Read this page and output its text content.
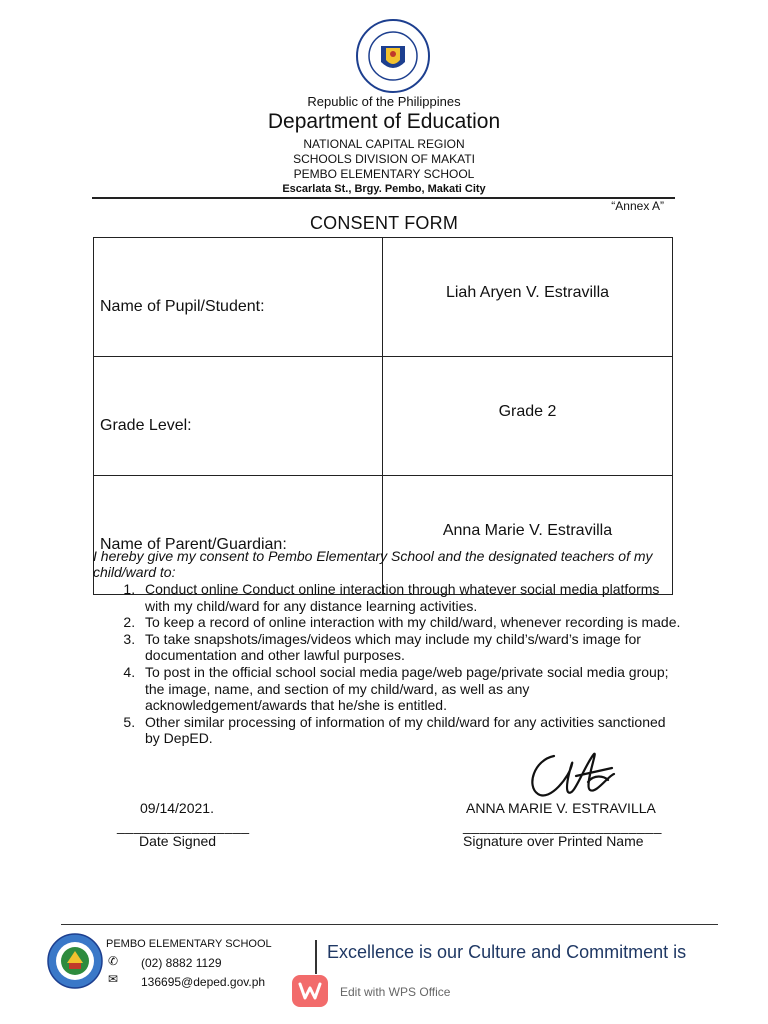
Republic of the Philippines
Department of Education
NATIONAL CAPITAL REGION
SCHOOLS DIVISION OF MAKATI
PEMBO ELEMENTARY SCHOOL
Escarlata St., Brgy. Pembo, Makati City
“Annex A”
CONSENT FORM
Name of Pupil/Student:	Liah Aryen V. Estravilla
Grade Level:	Grade 2
Name of Parent/Guardian:	Anna Marie V. Estravilla
I hereby give my consent to Pembo Elementary School and the designated teachers of my child/ward to:
1. Conduct online Conduct online interaction through whatever social media platforms with my child/ward for any distance learning activities.
2. To keep a record of online interaction with my child/ward, whenever recording is made.
3. To take snapshots/images/videos which may include my child’s/ward’s image for documentation and other lawful purposes.
4. To post in the official school social media page/web page/private social media group; the image, name, and section of my child/ward, as well as any acknowledgement/awards that he/she is entitled.
5. Other similar processing of information of my child/ward for any activities sanctioned by DepED.
09/14/2021.
________________
Date Signed
ANNA MARIE V. ESTRAVILLA
________________________
Signature over Printed Name
PEMBO ELEMENTARY SCHOOL
✆ (02) 8882 1129
✉ 136695@deped.gov.ph
Excellence is our Culture and Commitment is
Edit with WPS Office
